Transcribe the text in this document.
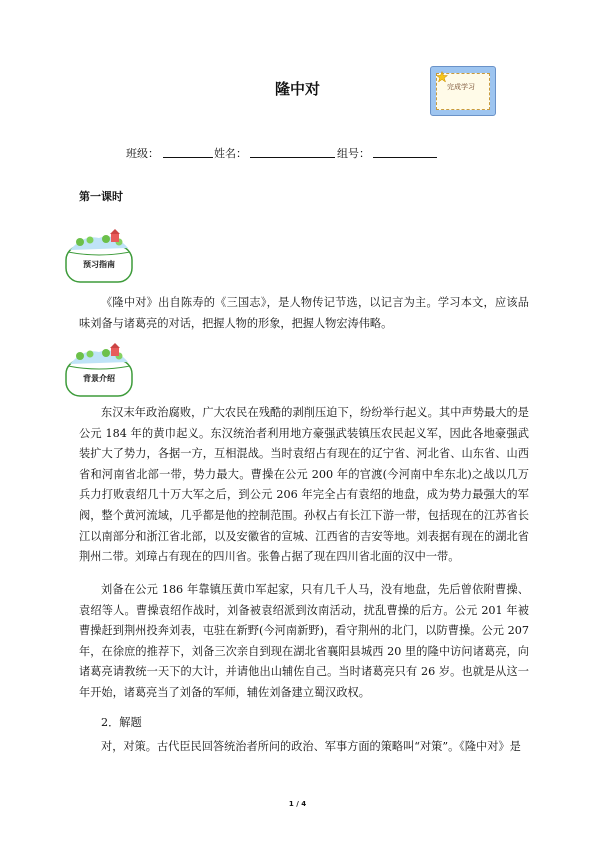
隆中对	完成学习
班级：	姓名：	组号：
第一课时
预习指南

《隆中对》出自陈寿的《三国志》，是人物传记节选，以记言为主。学习本文，应该品味刘备与诸葛亮的对话，把握人物的形象，把握人物宏涛伟略。

背景介绍

东汉末年政治腐败，广大农民在残酷的剥削压迫下，纷纷举行起义。其中声势最大的是公元 184 年的黄巾起义。东汉统治者利用地方豪强武装镇压农民起义军，因此各地豪强武装扩大了势力，各据一方，互相混战。当时袁绍占有现在的辽宁省、河北省、山东省、山西省和河南省北部一带，势力最大。曹操在公元 200 年的官渡(今河南中牟东北)之战以几万兵力打败袁绍几十万大军之后，到公元 206 年完全占有袁绍的地盘，成为势力最强大的军阀，整个黄河流域，几乎都是他的控制范围。孙权占有长江下游一带，包括现在的江苏省长江以南部分和浙江省北部，以及安徽省的宣城、江西省的吉安等地。刘表据有现在的湖北省荆州二带。刘璋占有现在的四川省。张鲁占据了现在四川省北面的汉中一带。

刘备在公元 186 年靠镇压黄巾军起家，只有几千人马，没有地盘，先后曾依附曹操、袁绍等人。曹操袁绍作战时，刘备被袁绍派到汝南活动，扰乱曹操的后方。公元 201 年被曹操赶到荆州投奔刘表，屯驻在新野(今河南新野)，看守荆州的北门，以防曹操。公元 207 年，在徐庶的推荐下，刘备三次亲自到现在湖北省襄阳县城西 20 里的隆中访问诸葛亮，向诸葛亮请教统一天下的大计，并请他出山辅佐自己。当时诸葛亮只有 26 岁。也就是从这一年开始，诸葛亮当了刘备的军师，辅佐刘备建立蜀汉政权。

2．解题

对，对策。古代臣民回答统治者所问的政治、军事方面的策略叫“对策”。《隆中对》是

1 / 4
